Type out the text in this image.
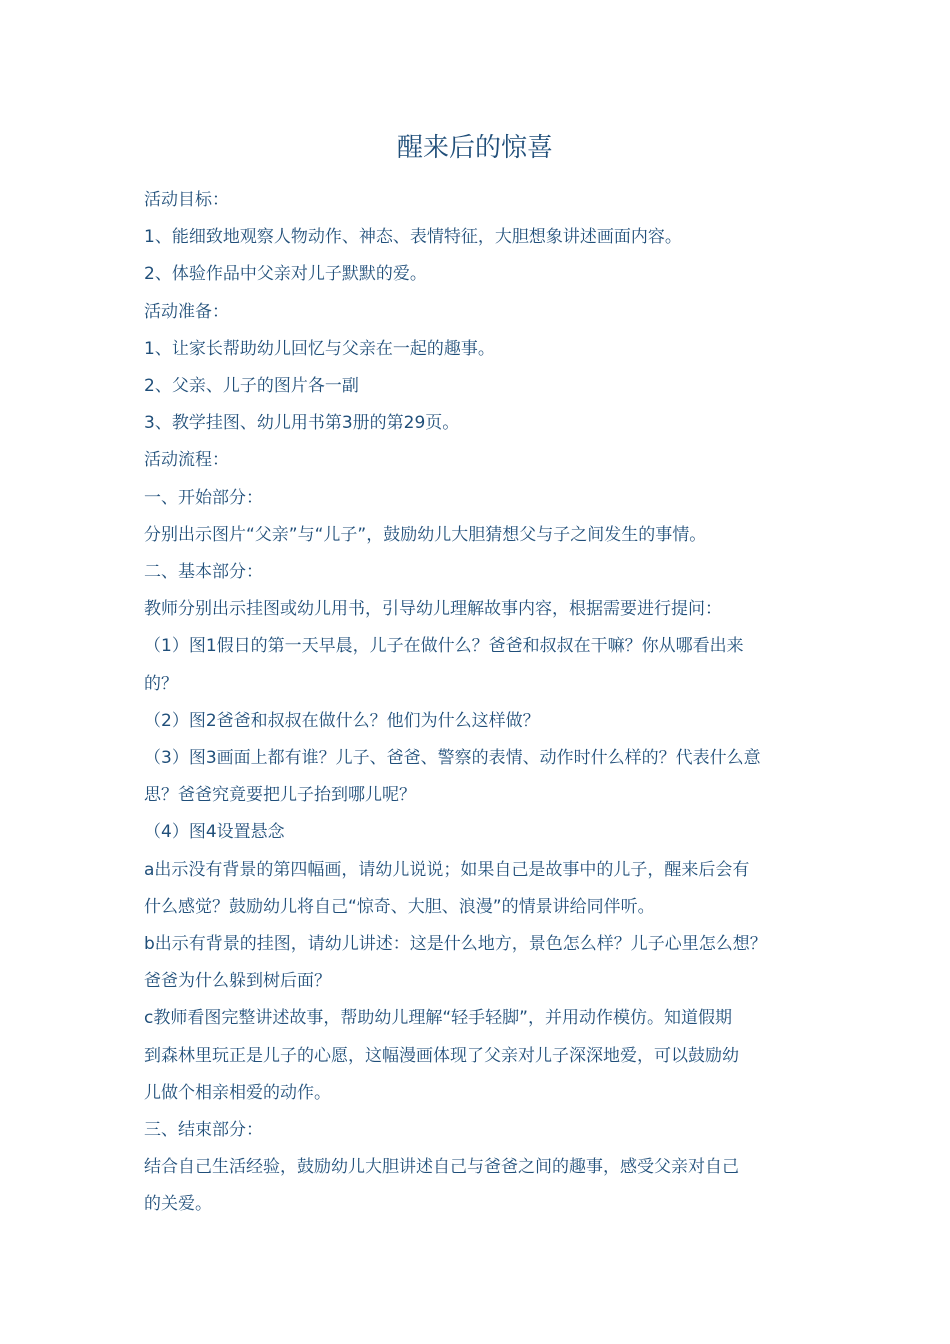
醒来后的惊喜

活动目标：

1、能细致地观察人物动作、神态、表情特征，大胆想象讲述画面内容。

2、体验作品中父亲对儿子默默的爱。

活动准备：

1、让家长帮助幼儿回忆与父亲在一起的趣事。

2、父亲、儿子的图片各一副

3、教学挂图、幼儿用书第3册的第29页。

活动流程：

一、开始部分：

分别出示图片“父亲”与“儿子”，鼓励幼儿大胆猜想父与子之间发生的事情。

二、基本部分：

教师分别出示挂图或幼儿用书，引导幼儿理解故事内容，根据需要进行提问：

（1）图1假日的第一天早晨，儿子在做什么？爸爸和叔叔在干嘛？你从哪看出来

的？

（2）图2爸爸和叔叔在做什么？他们为什么这样做？

（3）图3画面上都有谁？儿子、爸爸、警察的表情、动作时什么样的？代表什么意

思？爸爸究竟要把儿子抬到哪儿呢？

（4）图4设置悬念

a出示没有背景的第四幅画，请幼儿说说；如果自己是故事中的儿子，醒来后会有

什么感觉？鼓励幼儿将自己“惊奇、大胆、浪漫”的情景讲给同伴听。

b出示有背景的挂图，请幼儿讲述：这是什么地方，景色怎么样？儿子心里怎么想？

爸爸为什么躲到树后面？

c教师看图完整讲述故事，帮助幼儿理解“轻手轻脚”，并用动作模仿。知道假期

到森林里玩正是儿子的心愿，这幅漫画体现了父亲对儿子深深地爱，可以鼓励幼

儿做个相亲相爱的动作。

三、结束部分：

结合自己生活经验，鼓励幼儿大胆讲述自己与爸爸之间的趣事，感受父亲对自己

的关爱。
